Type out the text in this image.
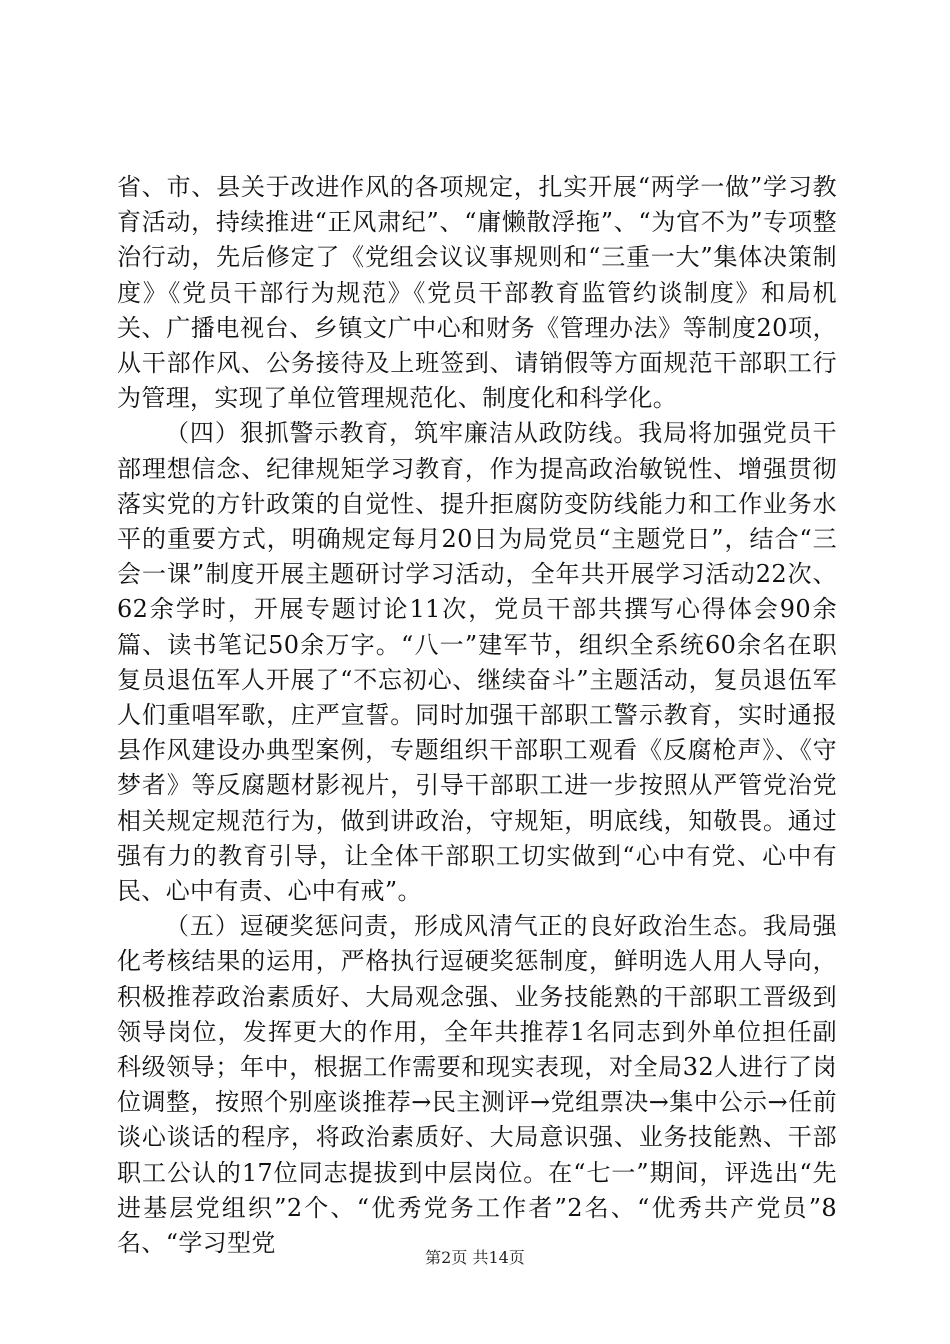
省、市、县关于改进作风的各项规定，扎实开展“两学一做”学习教育活动，持续推进“正风肃纪”、“庸懒散浮拖”、“为官不为”专项整治行动，先后修定了《党组会议议事规则和“三重一大”集体决策制度》《党员干部行为规范》《党员干部教育监管约谈制度》和局机关、广播电视台、乡镇文广中心和财务《管理办法》等制度20项，从干部作风、公务接待及上班签到、请销假等方面规范干部职工行为管理，实现了单位管理规范化、制度化和科学化。

（四）狠抓警示教育，筑牢廉洁从政防线。我局将加强党员干部理想信念、纪律规矩学习教育，作为提高政治敏锐性、增强贯彻落实党的方针政策的自觉性、提升拒腐防变防线能力和工作业务水平的重要方式，明确规定每月20日为局党员“主题党日”，结合“三会一课”制度开展主题研讨学习活动，全年共开展学习活动22次、62余学时，开展专题讨论11次，党员干部共撰写心得体会90余篇、读书笔记50余万字。“八一”建军节，组织全系统60余名在职复员退伍军人开展了“不忘初心、继续奋斗”主题活动，复员退伍军人们重唱军歌，庄严宣誓。同时加强干部职工警示教育，实时通报县作风建设办典型案例，专题组织干部职工观看《反腐枪声》、《守梦者》等反腐题材影视片，引导干部职工进一步按照从严管党治党相关规定规范行为，做到讲政治，守规矩，明底线，知敬畏。通过强有力的教育引导，让全体干部职工切实做到“心中有党、心中有民、心中有责、心中有戒”。

（五）逗硬奖惩问责，形成风清气正的良好政治生态。我局强化考核结果的运用，严格执行逗硬奖惩制度，鲜明选人用人导向，积极推荐政治素质好、大局观念强、业务技能熟的干部职工晋级到领导岗位，发挥更大的作用，全年共推荐1名同志到外单位担任副科级领导；年中，根据工作需要和现实表现，对全局32人进行了岗位调整，按照个别座谈推荐→民主测评→党组票决→集中公示→任前谈心谈话的程序，将政治素质好、大局意识强、业务技能熟、干部职工公认的17位同志提拔到中层岗位。在“七一”期间，评选出“先进基层党组织”2个、“优秀党务工作者”2名、“优秀共产党员”8名、“学习型党

第2页 共14页
